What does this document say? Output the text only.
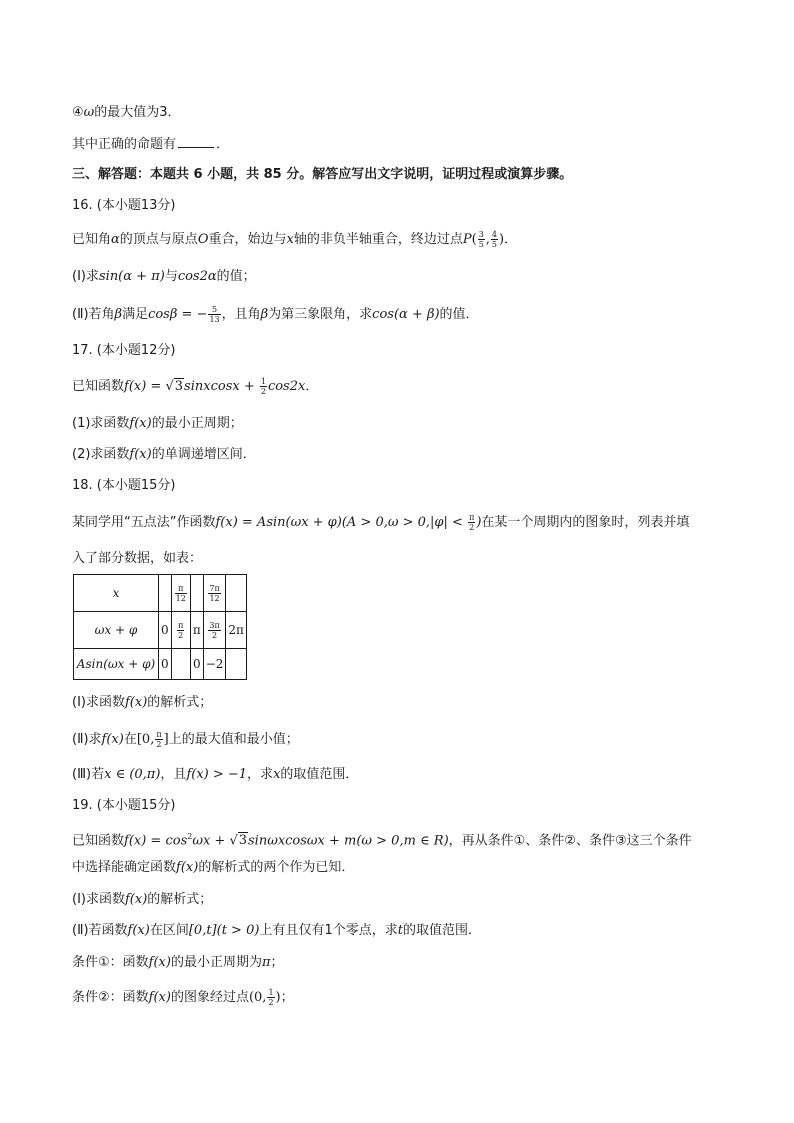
④ω的最大值为3．
其中正确的命题有	．
三、解答题：本题共 6 小题，共 85 分。解答应写出文字说明，证明过程或演算步骤。
16. (本小题13分)
已知角α的顶点与原点O重合，始边与x轴的非负半轴重合，终边过点$P( \frac{3}{5}$ , $\frac{4}{5}$ )．
(Ⅰ)求sin(α + π)与cos2α的值；
(Ⅱ)若角β满足cosβ = − $\frac{5}{13}$ ，且角β为第三象限角，求cos(α + β)的值．
17. (本小题12分)
已知函数f(x) = √3sinxcosx + $\frac{1}{2} \cos 2x$．
(1)求函数f(x)的最小正周期；
(2)求函数f(x)的单调递增区间．
18. (本小题15分)
某同学用“五点法”作函数$f(x) = Asin(\omega x + \varphi)(A > 0,\omega > 0,|\varphi| < \frac{\pi}{2}$ )在某一个周期内的图象时，列表并填
入了部分数据，如表：
x		$\frac{\pi}{12}$		$\frac{7\pi}{12}$

ωx + φ	0	$\frac{\pi}{2}$	π	$\frac{3\pi}{2}$	2π
Asin(ωx + φ)	0		0	−2	
(Ⅰ)求函数f(x)的解析式；
(Ⅱ)求f(x)在[0, $\frac{\pi}{2}$ ]上的最大值和最小值；
(Ⅲ)若x ∈ (0,π)，且f(x) > −1，求x的取值范围．
19. (本小题15分)
已知函数$f(x) = \cos^2\omega x + √3\sin\omega xcos\omega x + m(\omega > 0,m$ ∈ R)，再从条件①、条件②、条件③这三个条件
中选择能确定函数f(x)的解析式的两个作为已知．
(Ⅰ)求函数f(x)的解析式；
(Ⅱ)若函数f(x)在区间[0,t](t > 0)上有且仅有1个零点，求t的取值范围．
条件①：函数f(x)的最小正周期为π；
条件②：函数f(x)的图象经过点(0, $\frac{1}{2}$ )；
